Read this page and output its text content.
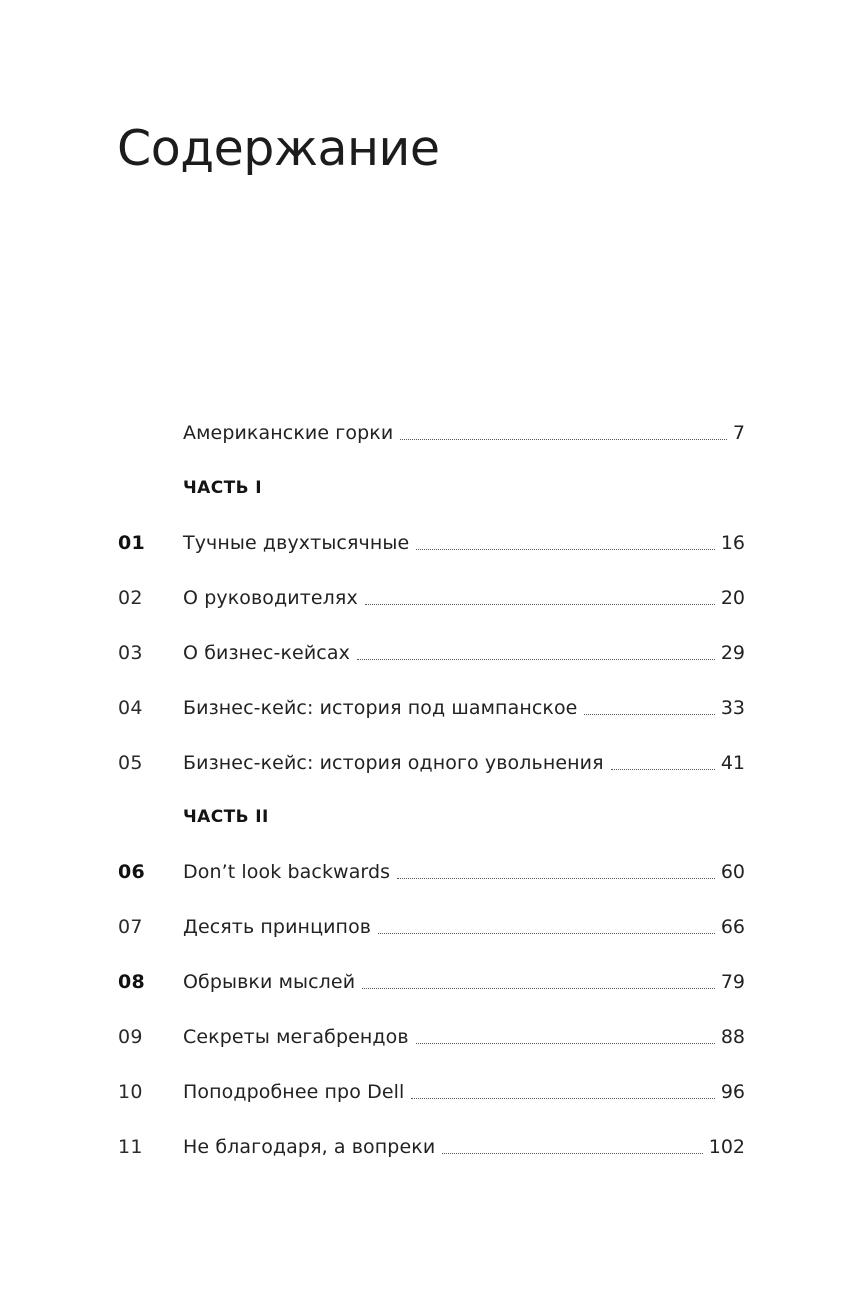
Содержание
Американские горки	7
ЧАСТЬ I
01	Тучные двухтысячные	16
02	О руководителях	20
03	О бизнес-кейсах	29
04	Бизнес-кейс: история под шампанское	33
05	Бизнес-кейс: история одного увольнения	41
ЧАСТЬ II
06	Don’t look backwards	60
07	Десять принципов	66
08	Обрывки мыслей	79
09	Секреты мегабрендов	88
10	Поподробнее про Dell	96
11	Не благодаря, а вопреки	102
